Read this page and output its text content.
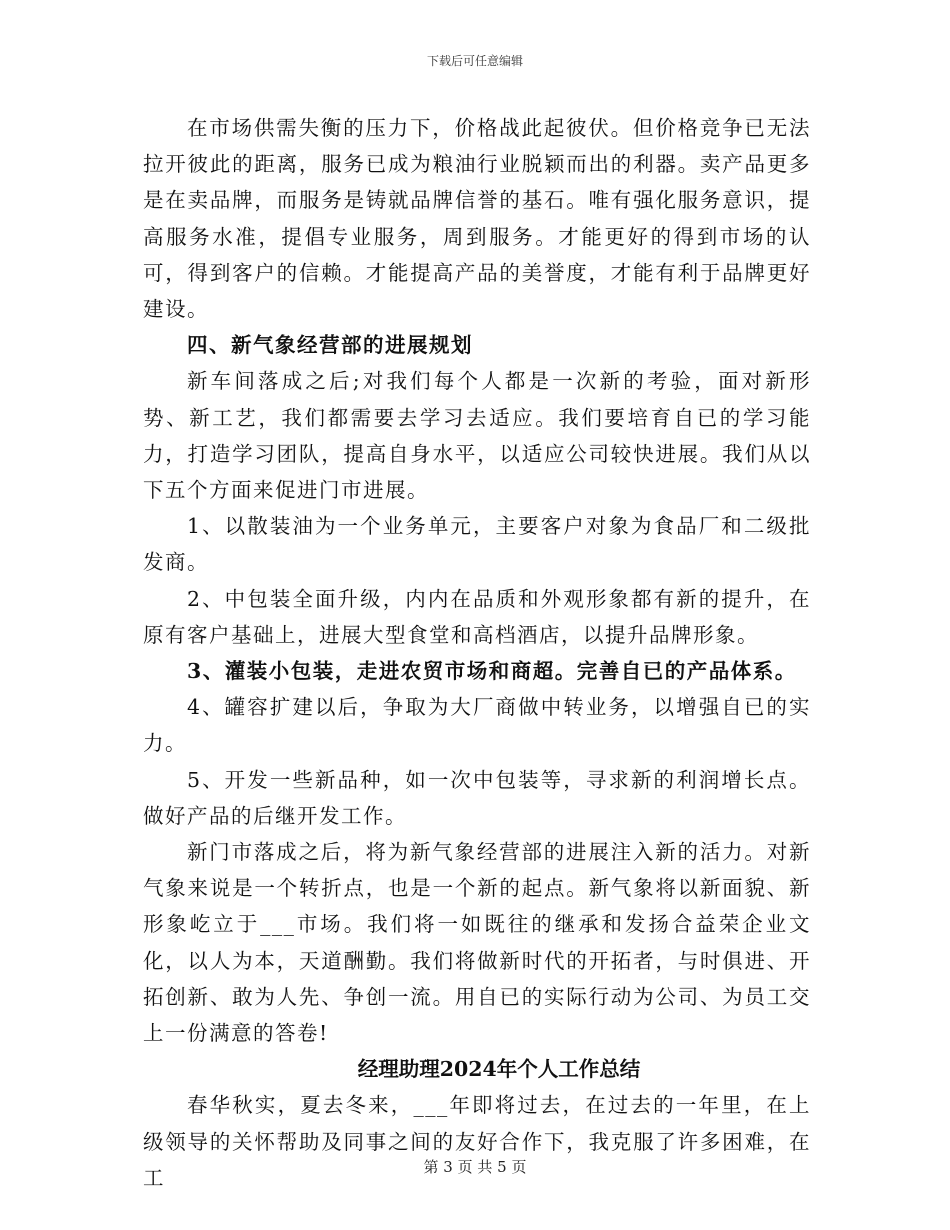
下载后可任意编辑

在市场供需失衡的压力下，价格战此起彼伏。但价格竞争已无法拉开彼此的距离，服务已成为粮油行业脱颖而出的利器。卖产品更多是在卖品牌，而服务是铸就品牌信誉的基石。唯有强化服务意识，提高服务水准，提倡专业服务，周到服务。才能更好的得到市场的认可，得到客户的信赖。才能提高产品的美誉度，才能有利于品牌更好建设。

四、新气象经营部的进展规划

新车间落成之后;对我们每个人都是一次新的考验，面对新形势、新工艺，我们都需要去学习去适应。我们要培育自已的学习能力，打造学习团队，提高自身水平，以适应公司较快进展。我们从以下五个方面来促进门市进展。

1、以散装油为一个业务单元，主要客户对象为食品厂和二级批发商。

2、中包装全面升级，内内在品质和外观形象都有新的提升，在原有客户基础上，进展大型食堂和高档酒店，以提升品牌形象。

3、灌装小包装，走进农贸市场和商超。完善自已的产品体系。

4、罐容扩建以后，争取为大厂商做中转业务，以增强自已的实力。

5、开发一些新品种，如一次中包装等，寻求新的利润增长点。做好产品的后继开发工作。

新门市落成之后，将为新气象经营部的进展注入新的活力。对新气象来说是一个转折点，也是一个新的起点。新气象将以新面貌、新形象屹立于___市场。我们将一如既往的继承和发扬合益荣企业文化，以人为本，天道酬勤。我们将做新时代的开拓者，与时俱进、开拓创新、敢为人先、争创一流。用自已的实际行动为公司、为员工交上一份满意的答卷!

经理助理2024年个人工作总结

春华秋实，夏去冬来，___年即将过去，在过去的一年里，在上级领导的关怀帮助及同事之间的友好合作下，我克服了许多困难，在工	第 3 页 共 5 页
